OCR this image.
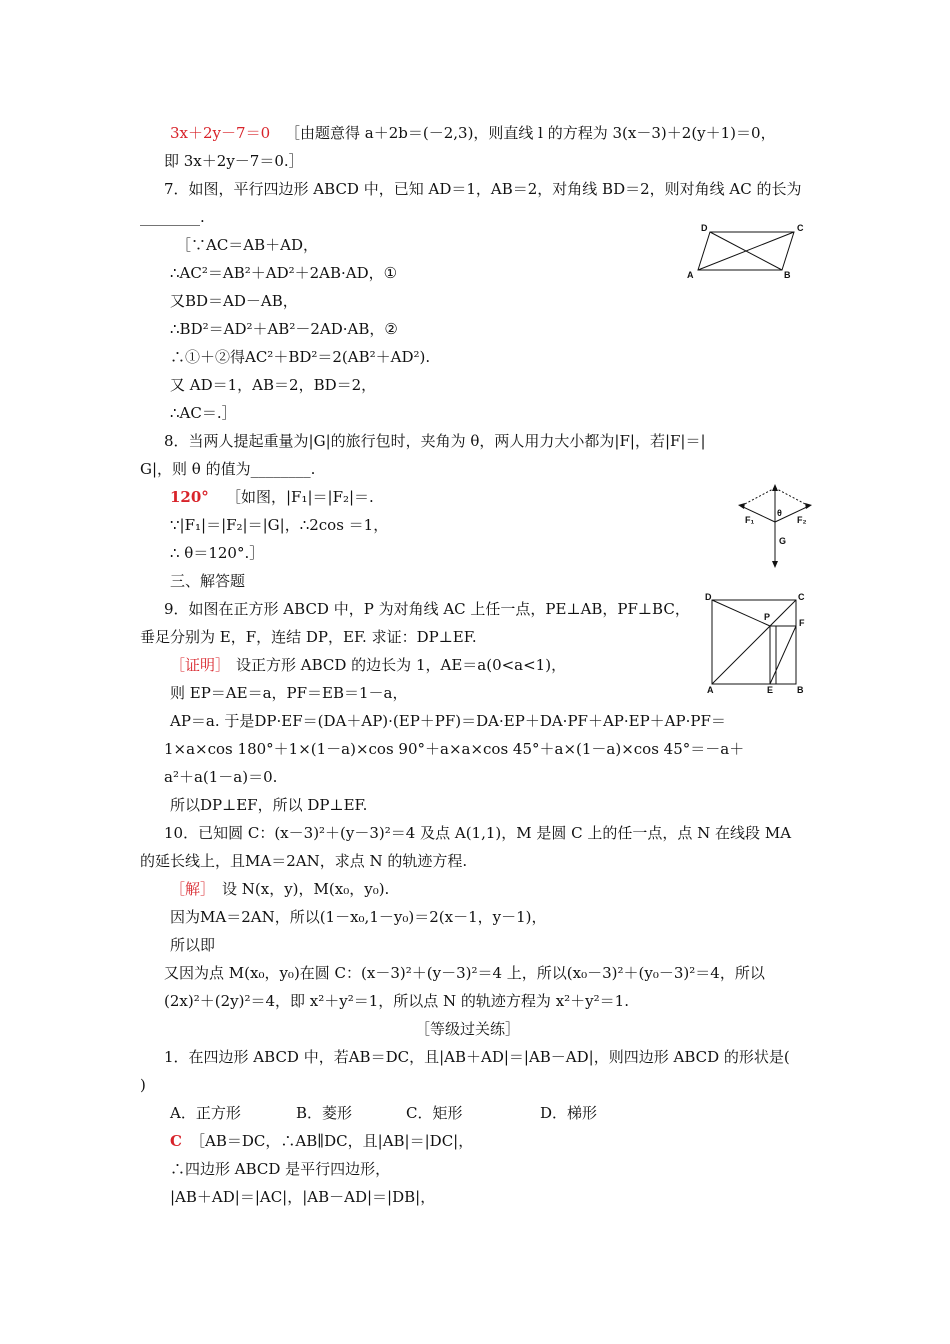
3x＋2y－7＝0 ［由题意得 a＋2b＝(－2,3)，则直线 l 的方程为 3(x－3)＋2(y＋1)＝0，
即 3x＋2y－7＝0.］
7．如图，平行四边形 ABCD 中，已知 AD＝1，AB＝2，对角线 BD＝2，则对角线 AC 的长为
________.
［∵AC＝AB＋AD，
∴AC²＝AB²＋AD²＋2AB·AD，①
又BD＝AD－AB，
∴BD²＝AD²＋AB²－2AD·AB，②
∴①＋②得AC²＋BD²＝2(AB²＋AD²).
又 AD＝1，AB＝2，BD＝2，
∴AC＝.］
8．当两人提起重量为|G|的旅行包时，夹角为 θ，两人用力大小都为|F|，若|F|＝|
G|，则 θ 的值为________.
120° ［如图，|F₁|＝|F₂|＝.
∵|F₁|＝|F₂|＝|G|，∴2cos ＝1，
∴ θ＝120°.］
三、解答题
9．如图在正方形 ABCD 中，P 为对角线 AC 上任一点，PE⊥AB，PF⊥BC，
垂足分别为 E，F，连结 DP，EF. 求证：DP⊥EF.
［证明］ 设正方形 ABCD 的边长为 1，AE＝a(0<a<1)，
则 EP＝AE＝a，PF＝EB＝1－a，
AP＝a. 于是DP·EF＝(DA＋AP)·(EP＋PF)＝DA·EP＋DA·PF＋AP·EP＋AP·PF＝
1×a×cos 180°＋1×(1－a)×cos 90°＋a×a×cos 45°＋a×(1－a)×cos 45°＝－a＋
a²＋a(1－a)＝0.
所以DP⊥EF，所以 DP⊥EF.
10．已知圆 C：(x－3)²＋(y－3)²＝4 及点 A(1,1)，M 是圆 C 上的任一点，点 N 在线段 MA
的延长线上，且MA＝2AN，求点 N 的轨迹方程.
［解］ 设 N(x，y)，M(x₀，y₀).
因为MA＝2AN，所以(1－x₀,1－y₀)＝2(x－1，y－1)，
所以即
又因为点 M(x₀，y₀)在圆 C：(x－3)²＋(y－3)²＝4 上，所以(x₀－3)²＋(y₀－3)²＝4，所以
(2x)²＋(2y)²＝4，即 x²＋y²＝1，所以点 N 的轨迹方程为 x²＋y²＝1.
［等级过关练］
1．在四边形 ABCD 中，若AB＝DC，且|AB＋AD|＝|AB－AD|，则四边形 ABCD 的形状是(
)
A．正方形	B．菱形	C．矩形	D．梯形
C ［AB＝DC，∴AB∥DC，且|AB|＝|DC|，
∴四边形 ABCD 是平行四边形，
|AB＋AD|＝|AC|，|AB－AD|＝|DB|，
D	C
A	B
θ
F₁	F₂
G
D	C
P
F
A	E	B
